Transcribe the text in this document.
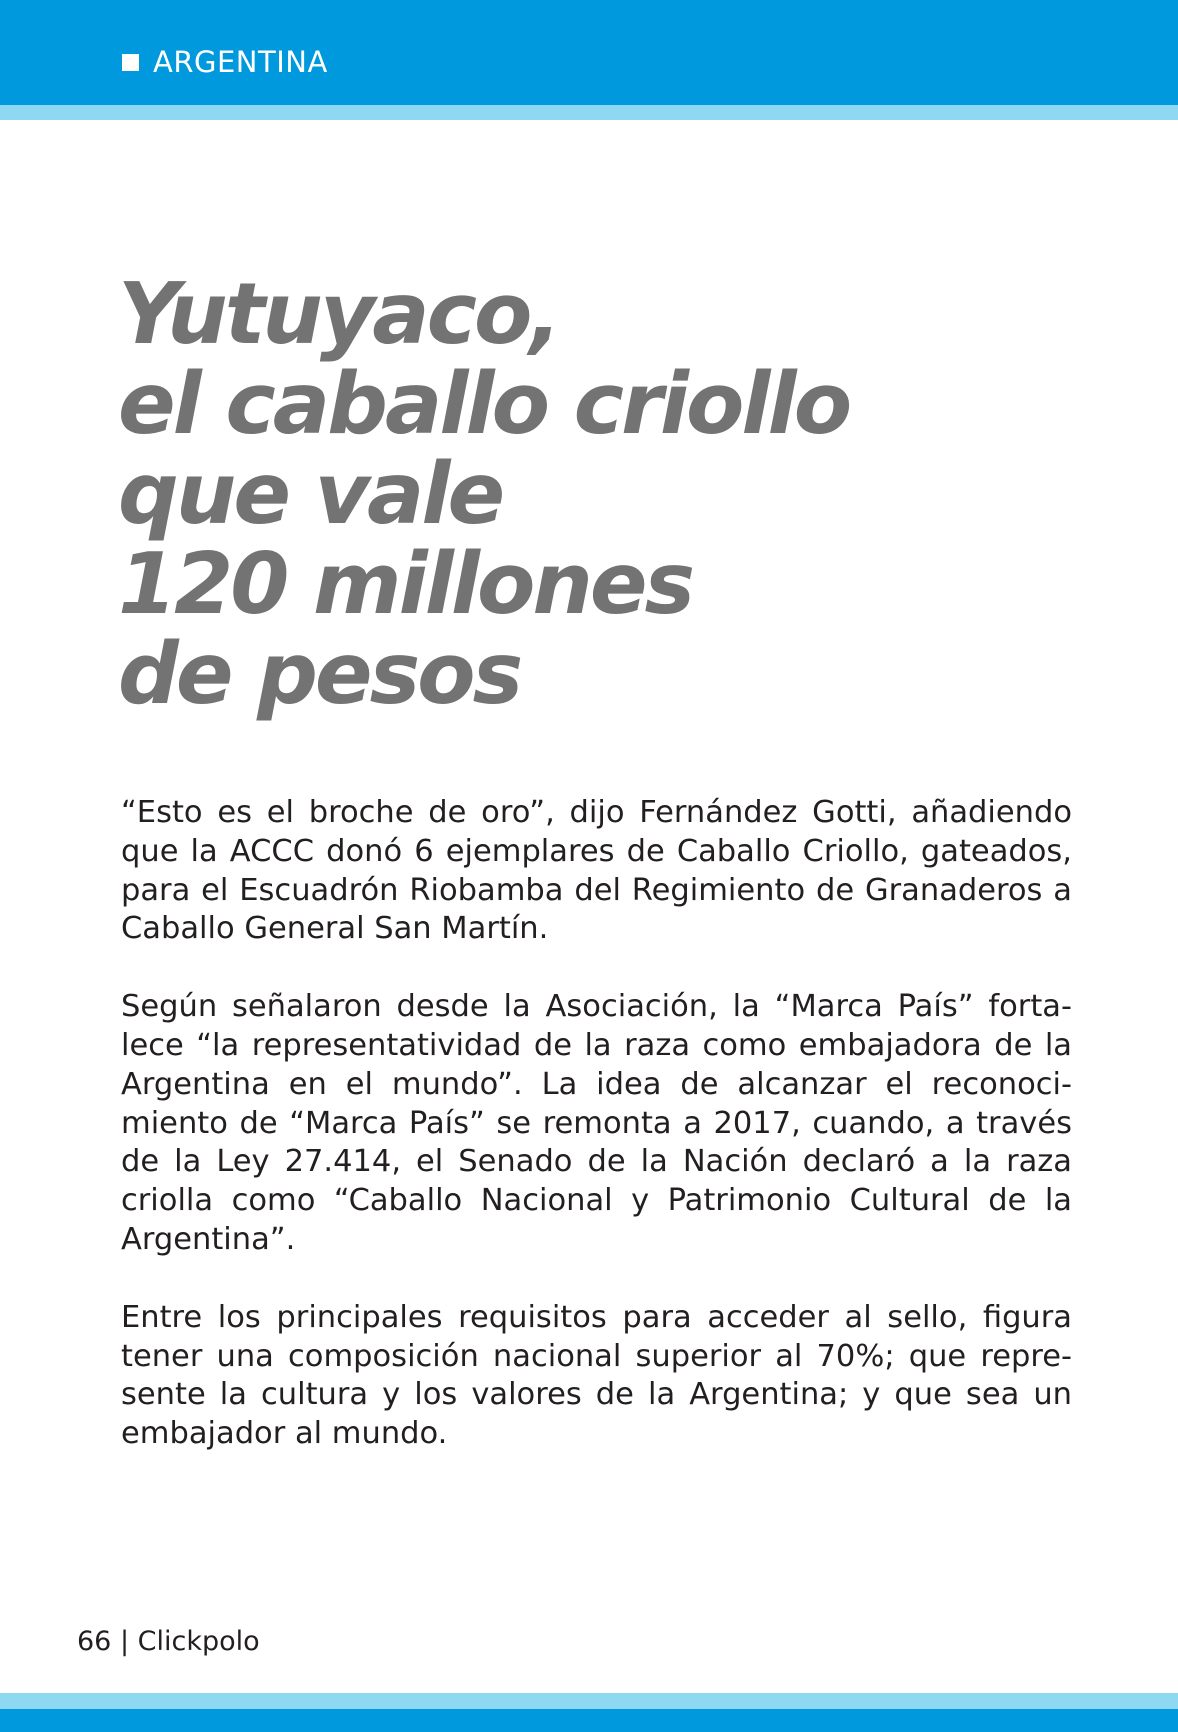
ARGENTINA
Yutuyaco,
el caballo criollo
que vale
120 millones
de pesos

“Esto es el broche de oro”, dijo Fernández Gotti, añadiendo que la ACCC donó 6 ejemplares de Caballo Criollo, gateados, para el Escuadrón Riobamba del Regimiento de Granaderos a Caballo General San Martín.

Según señalaron desde la Asociación, la “Marca País” fortalece “la representatividad de la raza como embajadora de la Argentina en el mundo”. La idea de alcanzar el reconocimiento de “Marca País” se remonta a 2017, cuando, a través de la Ley 27.414, el Senado de la Nación declaró a la raza criolla como “Caballo Nacional y Patrimonio Cultural de la Argentina”.

Entre los principales requisitos para acceder al sello, figura tener una composición nacional superior al 70%; que represente la cultura y los valores de la Argentina; y que sea un embajador al mundo.

66 | Clickpolo
